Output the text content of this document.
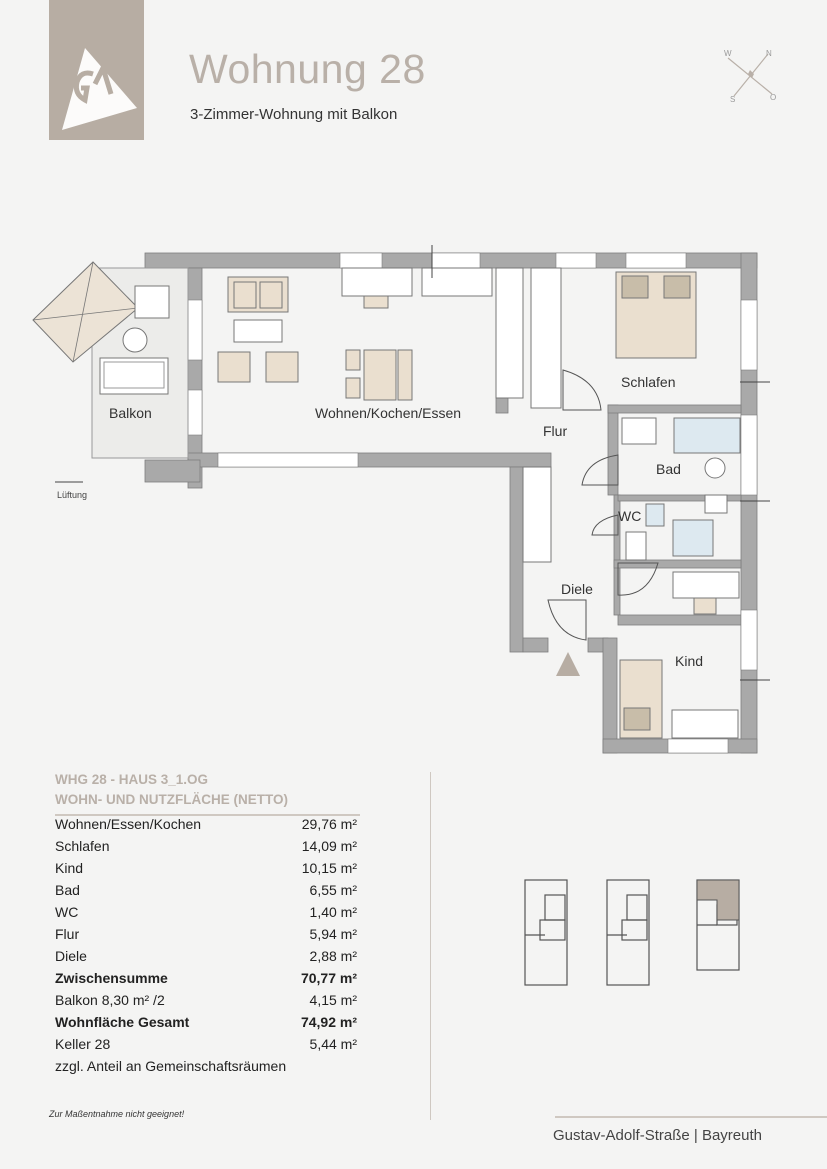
Wohnung 28
3-Zimmer-Wohnung mit Balkon
W	N
S	O
Balkon	Wohnen/Kochen/Essen
Flur
Schlafen
Bad
WC
Diele
Kind
Lüftung
WHG 28 - HAUS 3_1.OG
WOHN- UND NUTZFLÄCHE (NETTO)
Wohnen/Essen/Kochen	29,76 m²
Schlafen	14,09 m²
Kind	10,15 m²
Bad	6,55 m²
WC	1,40 m²
Flur	5,94 m²
Diele	2,88 m²
Zwischensumme	70,77 m²
Balkon 8,30 m² /2	4,15 m²
Wohnfläche Gesamt	74,92 m²
Keller 28	5,44 m²
zzgl. Anteil an Gemeinschaftsräumen
Zur Maßentnahme nicht geeignet!
Gustav-Adolf-Straße | Bayreuth
